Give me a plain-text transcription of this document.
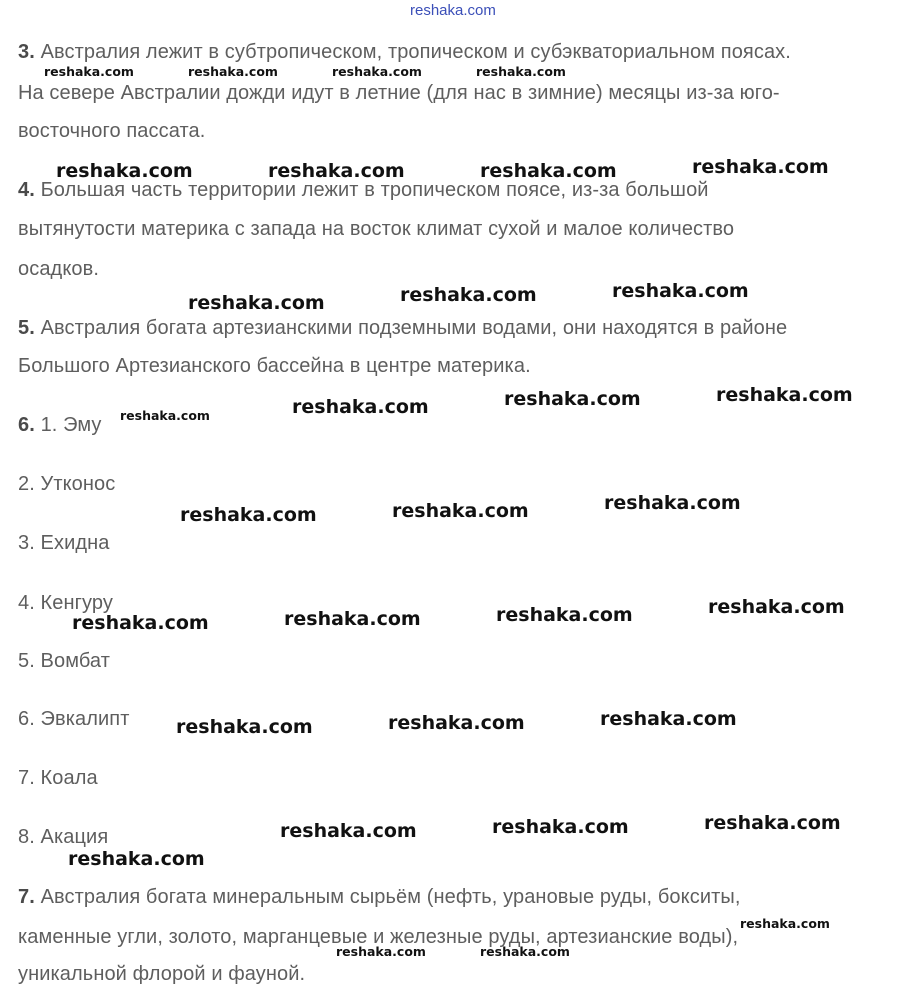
reshaka.com
3. Австралия лежит в субтропическом, тропическом и субэкваториальном поясах.
На севере Австралии дожди идут в летние (для нас в зимние) месяцы из-за юго-
восточного пассата.
4. Большая часть территории лежит в тропическом поясе, из-за большой
вытянутости материка с запада на восток климат сухой и малое количество
осадков.
5. Австралия богата артезианскими подземными водами, они находятся в районе
Большого Артезианского бассейна в центре материка.
6. 1. Эму
2. Утконос
3. Ехидна
4. Кенгуру
5. Вомбат
6. Эвкалипт
7. Коала
8. Акация
7. Австралия богата минеральным сырьём (нефть, урановые руды, бокситы,
каменные угли, золото, марганцевые и железные руды, артезианские воды),
уникальной флорой и фауной.
reshaka.com	reshaka.com	reshaka.com	reshaka.com
reshaka.com
reshaka.com
reshaka.com	reshaka.com
reshaka.com	reshaka.com	reshaka.com	reshaka.com
reshaka.com	reshaka.com	reshaka.com
reshaka.com	reshaka.com	reshaka.com
reshaka.com	reshaka.com	reshaka.com
reshaka.com	reshaka.com	reshaka.com	reshaka.com
reshaka.com	reshaka.com	reshaka.com
reshaka.com	reshaka.com	reshaka.com
reshaka.com
